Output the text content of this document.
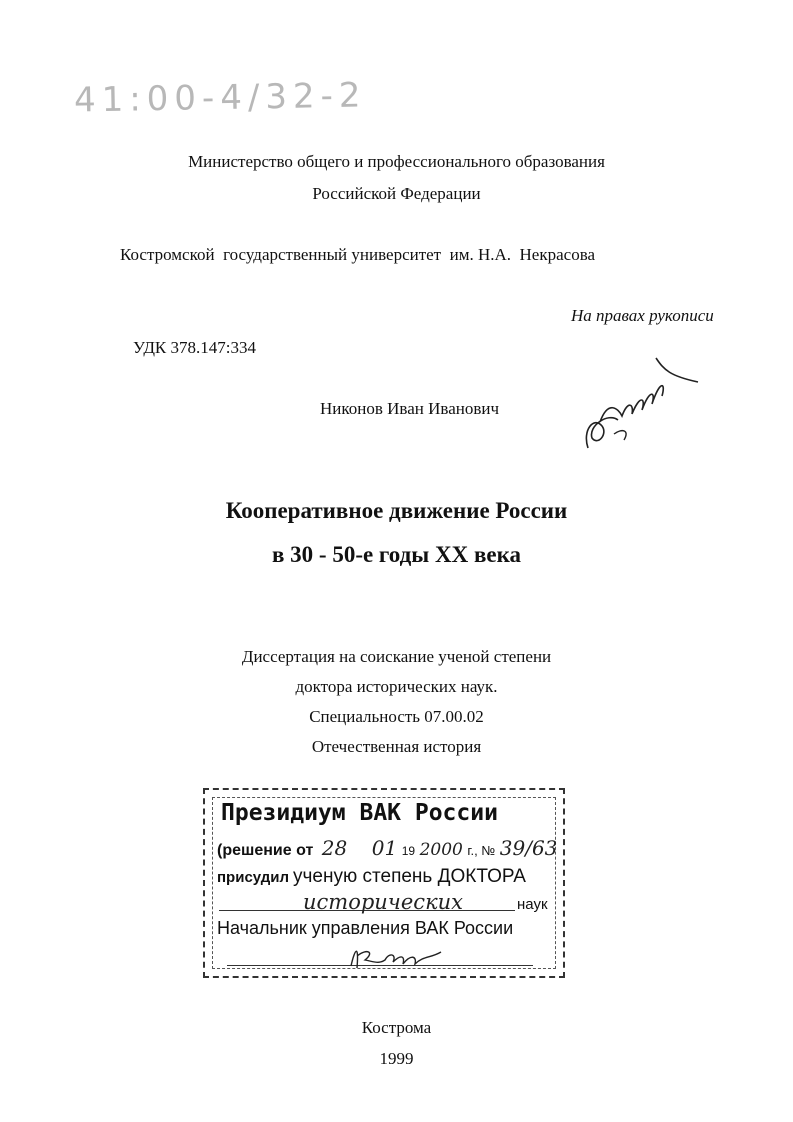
41:00-4/32-2
Министерство общего и профессионального образования
Российской Федерации
Костромской  государственный университет  им. Н.А.  Некрасова
На правах рукописи
УДК 378.147:334
Никонов Иван Иванович
Кооперативное движение России
в 30 - 50-е годы XX века
Диссертация на соискание ученой степени
доктора исторических наук.
Специальность 07.00.02
Отечественная история
Президиум ВАК России
(решение от 28 01 19 2000 г., № 39/63
присудил ученую степень ДОКТОРА
исторических	наук
Начальник управления ВАК России
Кострома
1999
